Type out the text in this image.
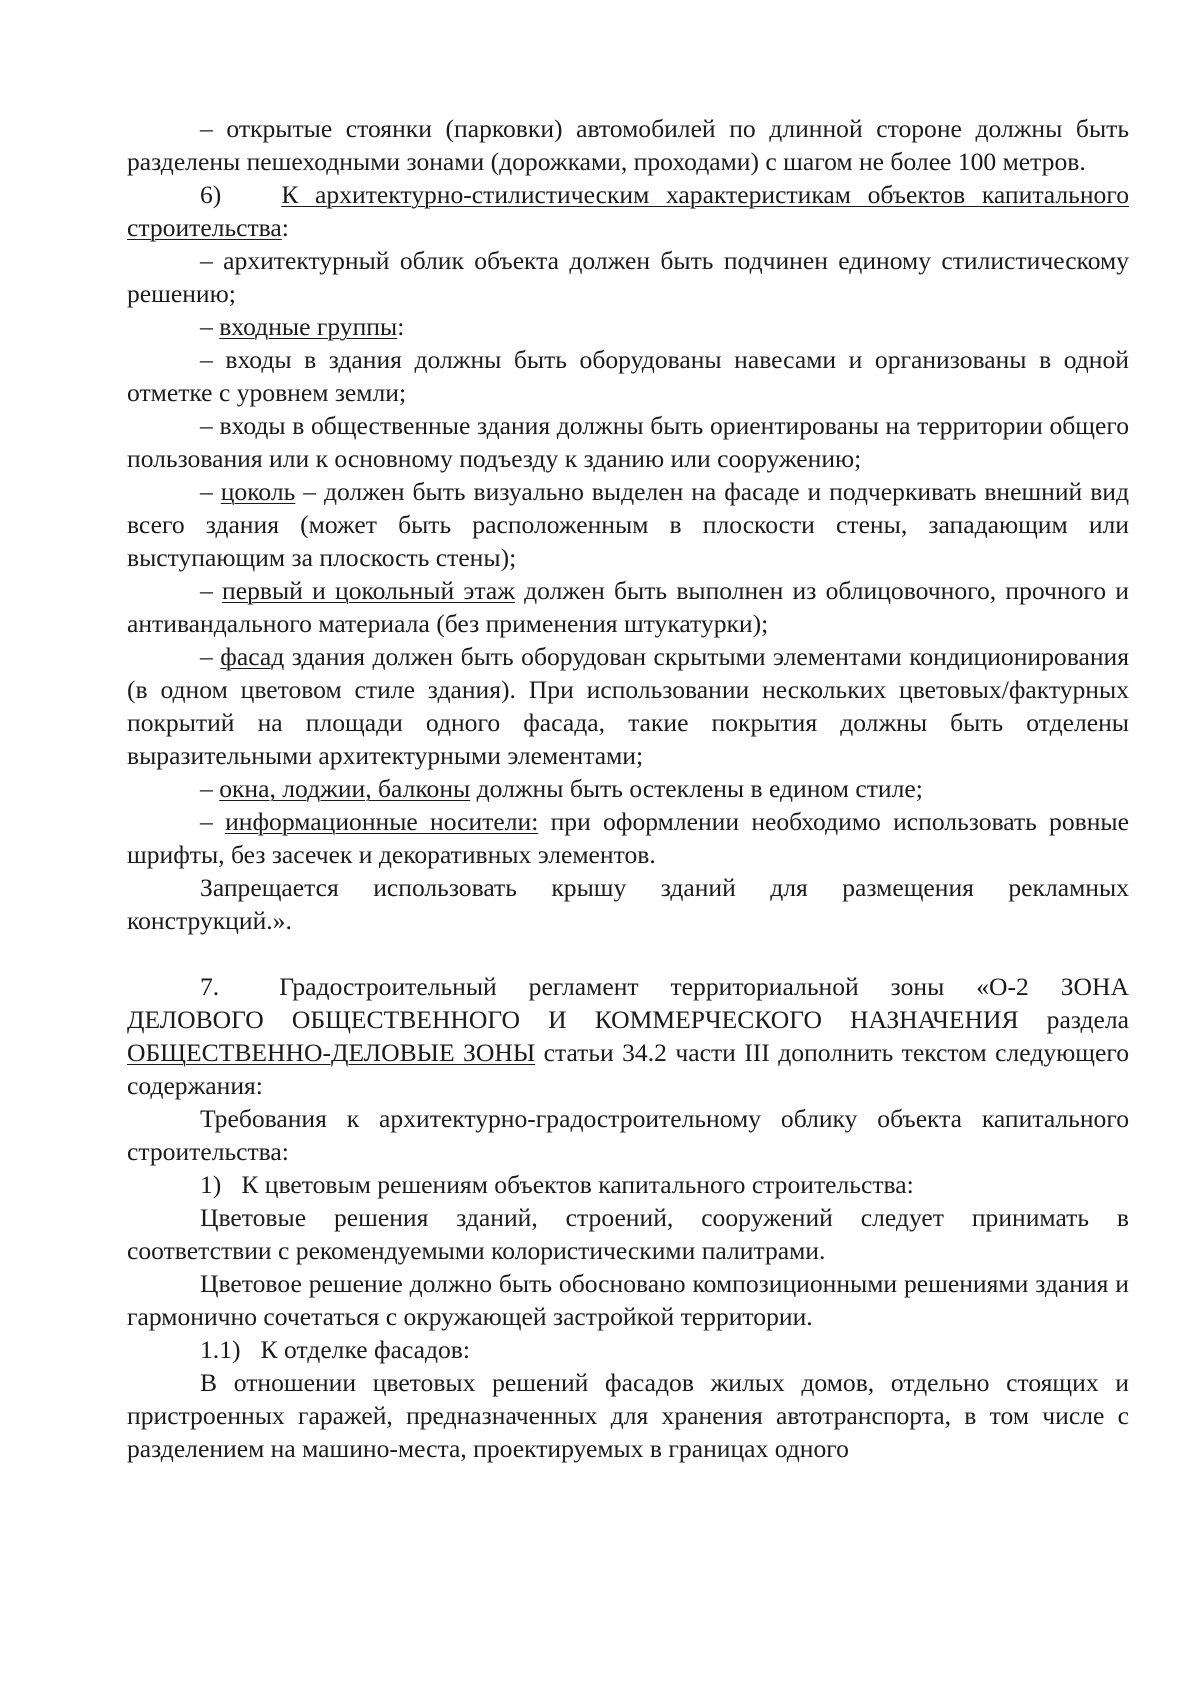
– открытые стоянки (парковки) автомобилей по длинной стороне должны быть разделены пешеходными зонами (дорожками, проходами) с шагом не более 100 метров.

6) К архитектурно-стилистическим характеристикам объектов капитального строительства:

– архитектурный облик объекта должен быть подчинен единому стилистическому решению;

– входные группы:

– входы в здания должны быть оборудованы навесами и организованы в одной отметке с уровнем земли;

– входы в общественные здания должны быть ориентированы на территории общего пользования или к основному подъезду к зданию или сооружению;

– цоколь – должен быть визуально выделен на фасаде и подчеркивать внешний вид всего здания (может быть расположенным в плоскости стены, западающим или выступающим за плоскость стены);

– первый и цокольный этаж должен быть выполнен из облицовочного, прочного и антивандального материала (без применения штукатурки);

– фасад здания должен быть оборудован скрытыми элементами кондиционирования (в одном цветовом стиле здания). При использовании нескольких цветовых/фактурных покрытий на площади одного фасада, такие покрытия должны быть отделены выразительными архитектурными элементами;

– окна, лоджии, балконы должны быть остеклены в едином стиле;

– информационные носители: при оформлении необходимо использовать ровные шрифты, без засечек и декоративных элементов.

Запрещается использовать крышу зданий для размещения рекламных конструкций.».

7. Градостроительный регламент территориальной зоны «О-2 ЗОНА ДЕЛОВОГО ОБЩЕСТВЕННОГО И КОММЕРЧЕСКОГО НАЗНАЧЕНИЯ раздела ОБЩЕСТВЕННО-ДЕЛОВЫЕ ЗОНЫ статьи 34.2 части III дополнить текстом следующего содержания:

Требования к архитектурно-градостроительному облику объекта капитального строительства:

1) К цветовым решениям объектов капитального строительства:

Цветовые решения зданий, строений, сооружений следует принимать в соответствии с рекомендуемыми колористическими палитрами.

Цветовое решение должно быть обосновано композиционными решениями здания и гармонично сочетаться с окружающей застройкой территории.

1.1) К отделке фасадов:

В отношении цветовых решений фасадов жилых домов, отдельно стоящих и пристроенных гаражей, предназначенных для хранения автотранспорта, в том числе с разделением на машино-места, проектируемых в границах одного
